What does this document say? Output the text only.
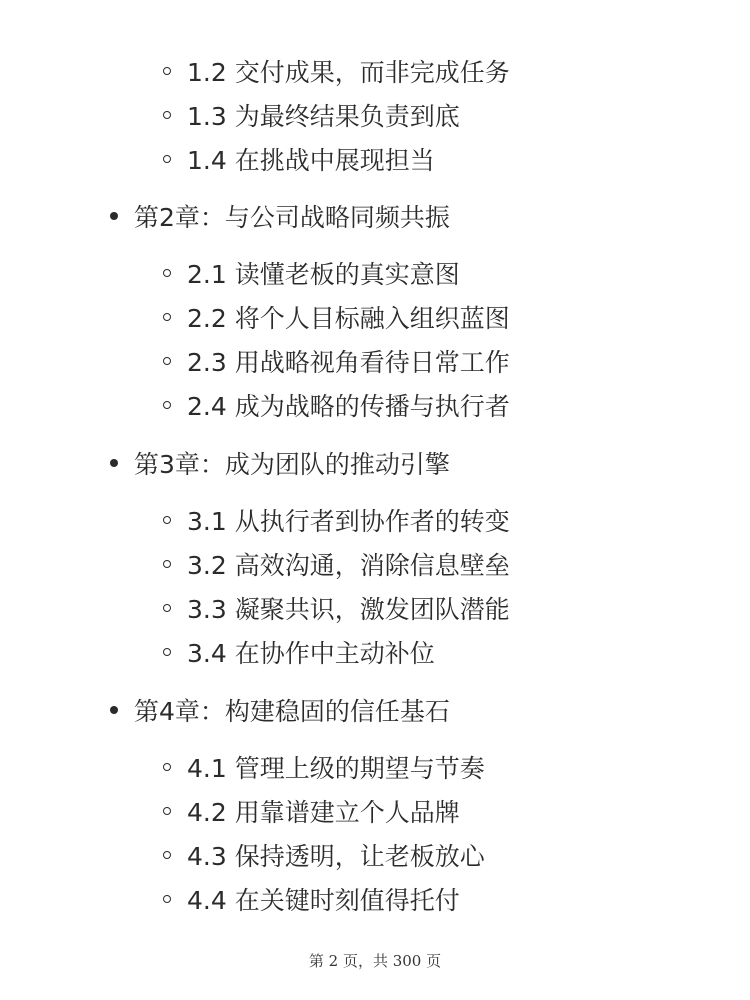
1.2 交付成果，而非完成任务
1.3 为最终结果负责到底
1.4 在挑战中展现担当
第2章：与公司战略同频共振
2.1 读懂老板的真实意图
2.2 将个人目标融入组织蓝图
2.3 用战略视角看待日常工作
2.4 成为战略的传播与执行者
第3章：成为团队的推动引擎
3.1 从执行者到协作者的转变
3.2 高效沟通，消除信息壁垒
3.3 凝聚共识，激发团队潜能
3.4 在协作中主动补位
第4章：构建稳固的信任基石
4.1 管理上级的期望与节奏
4.2 用靠谱建立个人品牌
4.3 保持透明，让老板放心
4.4 在关键时刻值得托付
第 2 页，共 300 页
